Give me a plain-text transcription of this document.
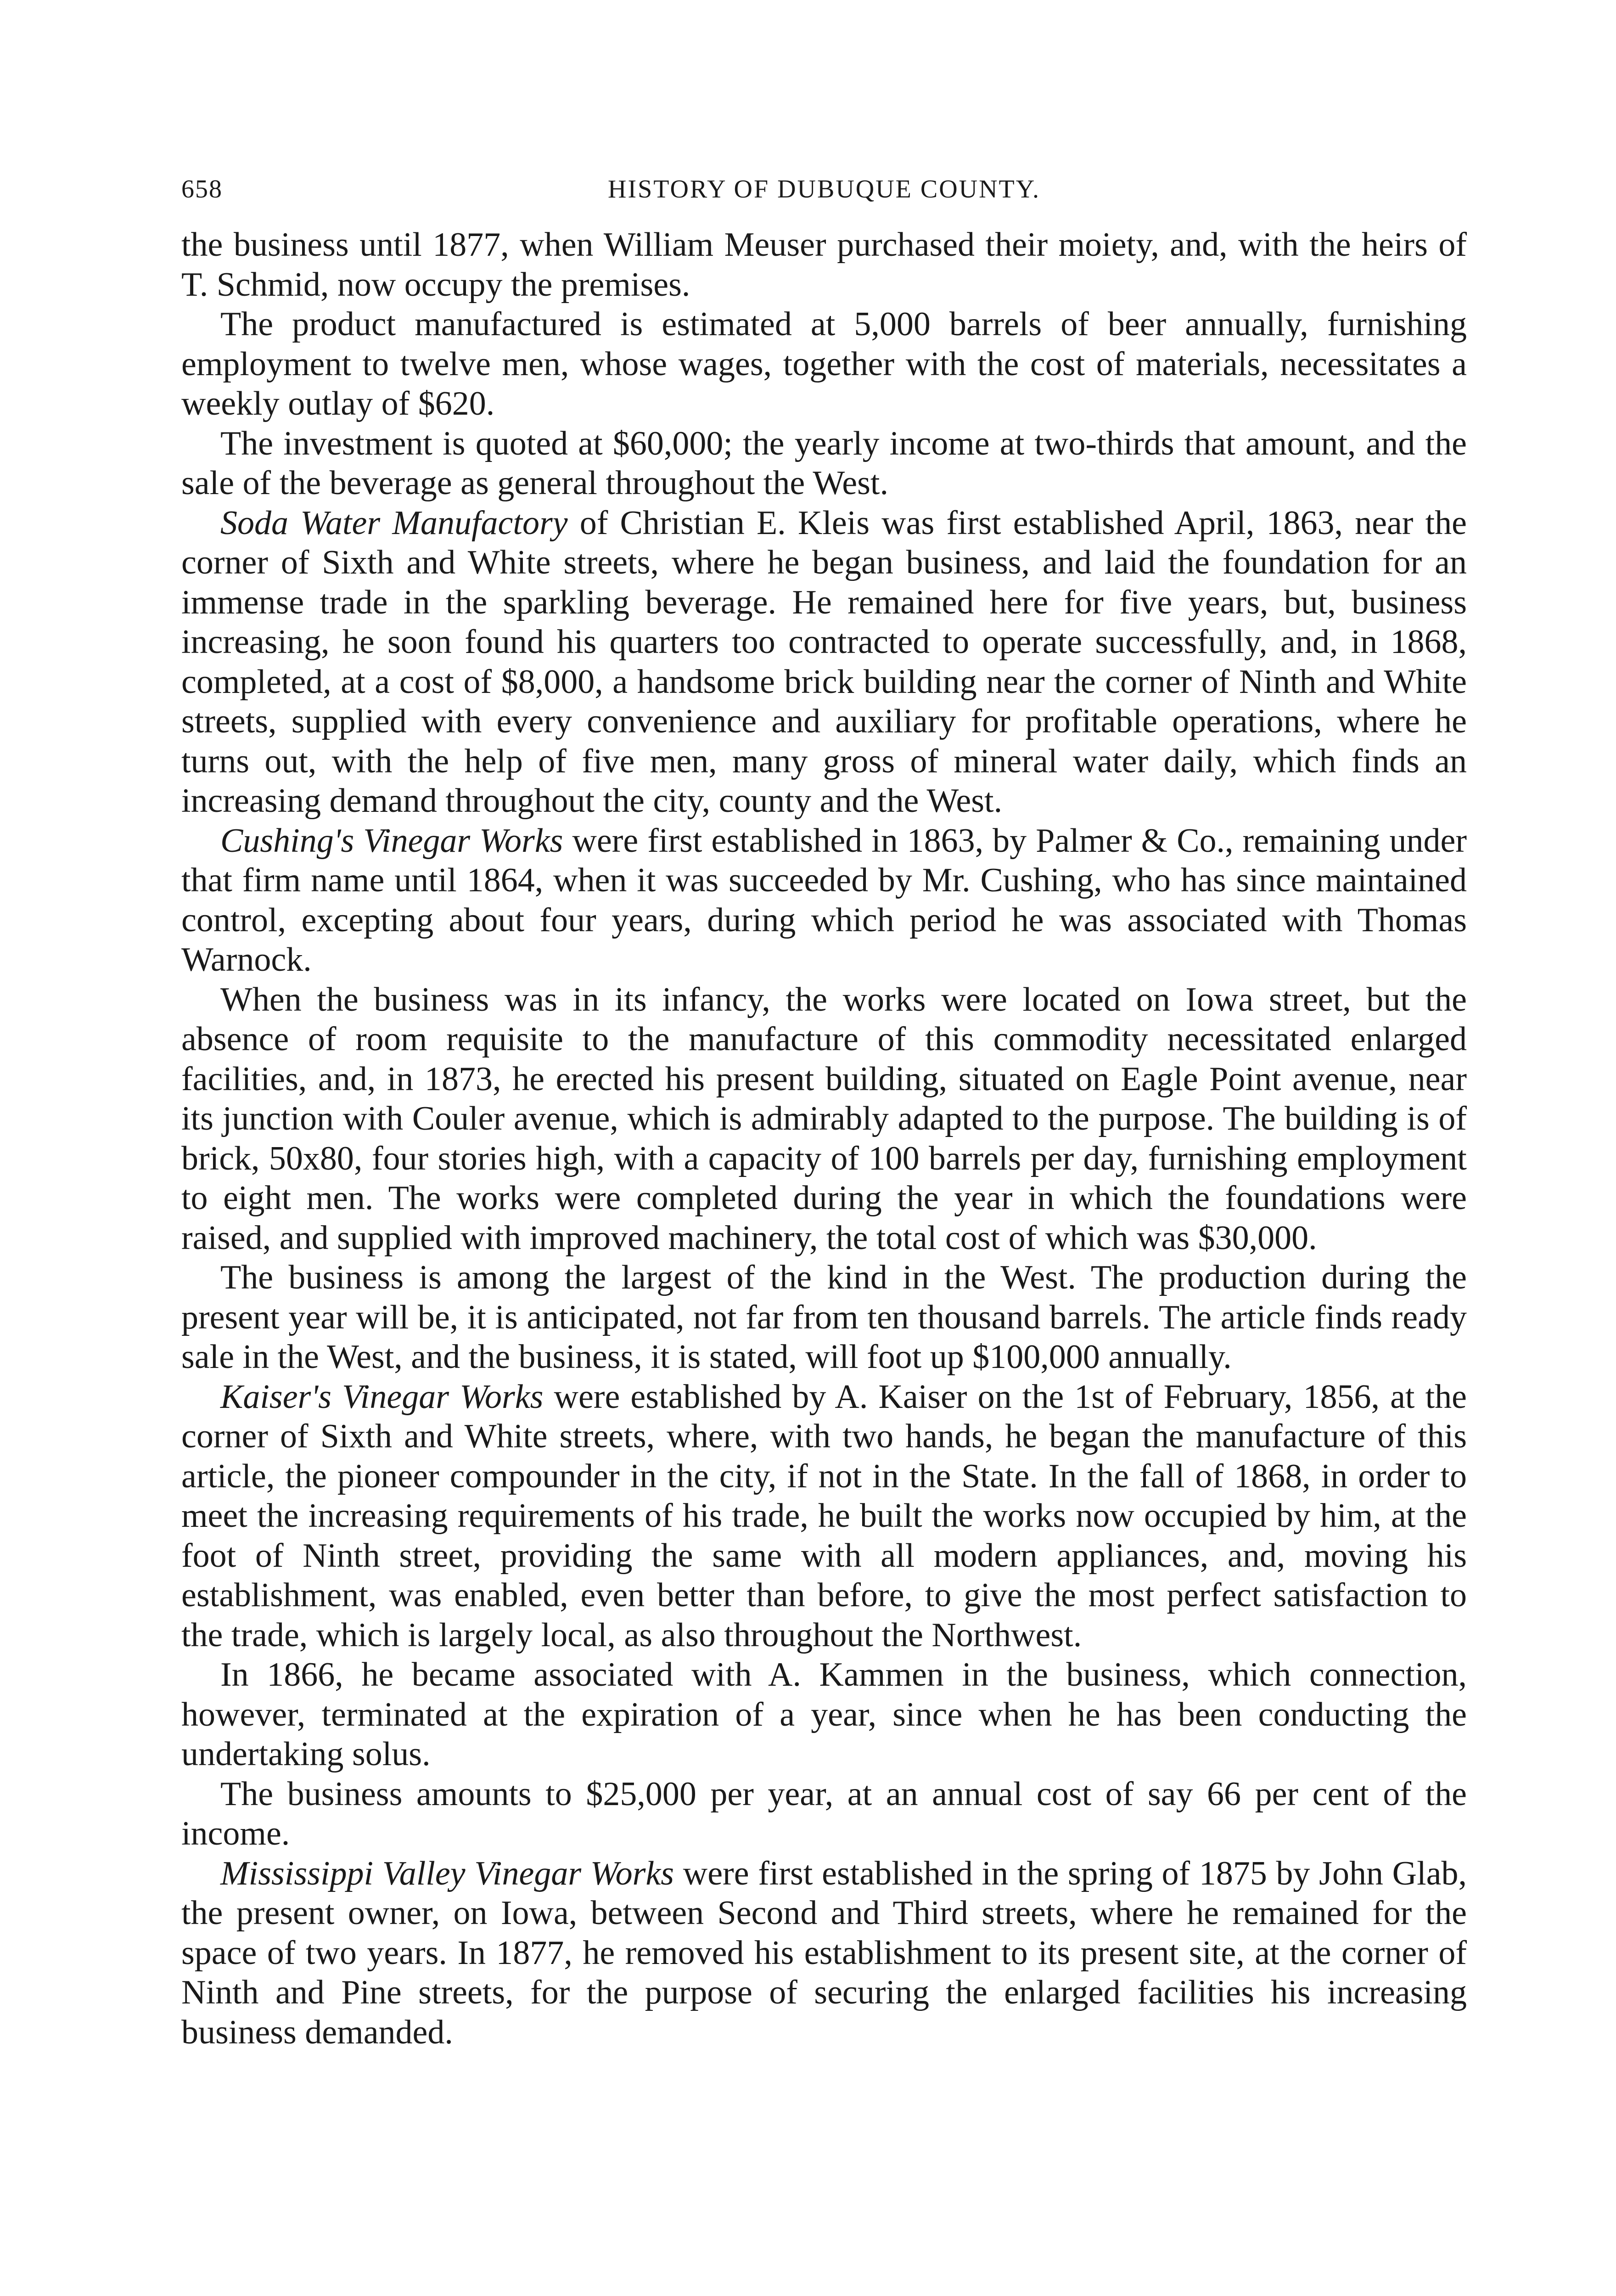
658	HISTORY OF DUBUQUE COUNTY.

the business until 1877, when William Meuser purchased their moiety, and, with the heirs of T. Schmid, now occupy the premises.

The product manufactured is estimated at 5,000 barrels of beer annually, furnishing employment to twelve men, whose wages, together with the cost of materials, necessitates a weekly outlay of $620.

The investment is quoted at $60,000; the yearly income at two-thirds that amount, and the sale of the beverage as general throughout the West.

Soda Water Manufactory of Christian E. Kleis was first established April, 1863, near the corner of Sixth and White streets, where he began business, and laid the foundation for an immense trade in the sparkling beverage. He remained here for five years, but, business increasing, he soon found his quarters too contracted to operate successfully, and, in 1868, completed, at a cost of $8,000, a handsome brick building near the corner of Ninth and White streets, supplied with every convenience and auxiliary for profitable operations, where he turns out, with the help of five men, many gross of mineral water daily, which finds an increasing demand throughout the city, county and the West.

Cushing's Vinegar Works were first established in 1863, by Palmer & Co., remaining under that firm name until 1864, when it was succeeded by Mr. Cushing, who has since maintained control, excepting about four years, during which period he was associated with Thomas Warnock.

When the business was in its infancy, the works were located on Iowa street, but the absence of room requisite to the manufacture of this commodity necessitated enlarged facilities, and, in 1873, he erected his present building, situated on Eagle Point avenue, near its junction with Couler avenue, which is admirably adapted to the purpose. The building is of brick, 50x80, four stories high, with a capacity of 100 barrels per day, furnishing employment to eight men. The works were completed during the year in which the foundations were raised, and supplied with improved machinery, the total cost of which was $30,000.

The business is among the largest of the kind in the West. The production during the present year will be, it is anticipated, not far from ten thousand barrels. The article finds ready sale in the West, and the business, it is stated, will foot up $100,000 annually.

Kaiser's Vinegar Works were established by A. Kaiser on the 1st of February, 1856, at the corner of Sixth and White streets, where, with two hands, he began the manufacture of this article, the pioneer compounder in the city, if not in the State. In the fall of 1868, in order to meet the increasing requirements of his trade, he built the works now occupied by him, at the foot of Ninth street, providing the same with all modern appliances, and, moving his establishment, was enabled, even better than before, to give the most perfect satisfaction to the trade, which is largely local, as also throughout the Northwest.

In 1866, he became associated with A. Kammen in the business, which connection, however, terminated at the expiration of a year, since when he has been conducting the undertaking solus.

The business amounts to $25,000 per year, at an annual cost of say 66 per cent of the income.

Mississippi Valley Vinegar Works were first established in the spring of 1875 by John Glab, the present owner, on Iowa, between Second and Third streets, where he remained for the space of two years. In 1877, he removed his establishment to its present site, at the corner of Ninth and Pine streets, for the purpose of securing the enlarged facilities his increasing business demanded.
